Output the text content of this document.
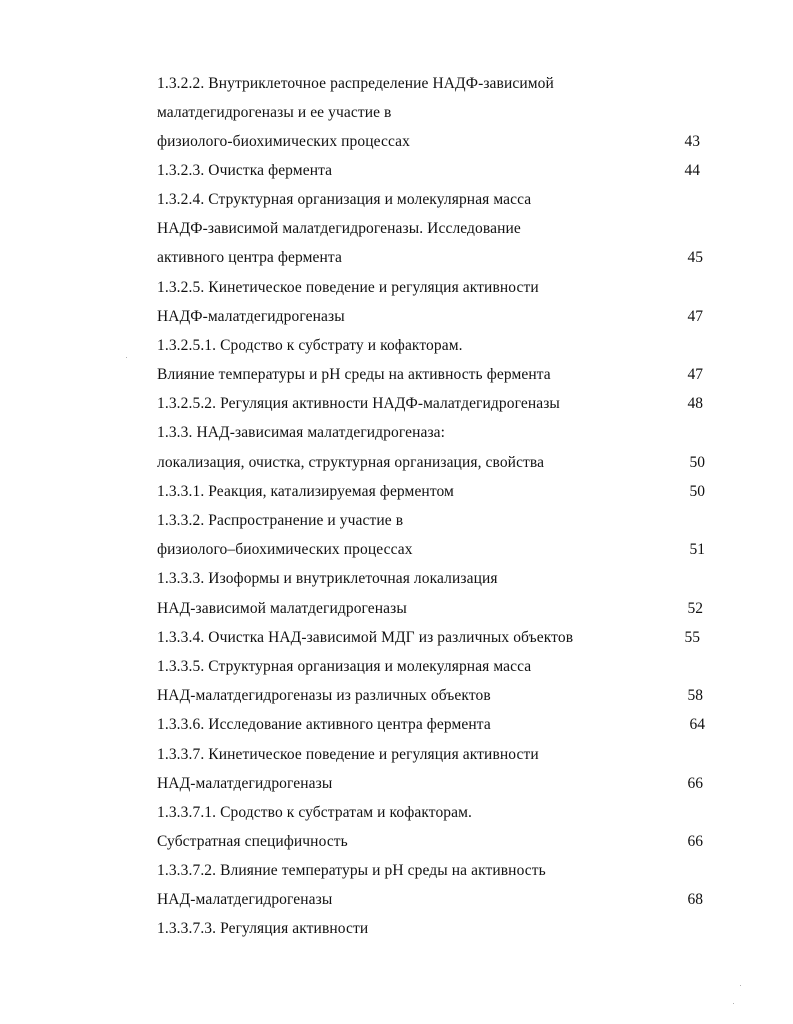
1.3.2.2. Внутриклеточное распределение НАДФ-зависимой
малатдегидрогеназы и ее участие в
физиолого-биохимических процессах	43
1.3.2.3. Очистка фермента	44
1.3.2.4. Структурная организация и молекулярная масса
НАДФ-зависимой малатдегидрогеназы. Исследование
активного центра фермента	45
1.3.2.5. Кинетическое поведение и регуляция активности
НАДФ-малатдегидрогеназы	47
1.3.2.5.1. Сродство к субстрату и кофакторам.
Влияние температуры и рН среды на активность фермента	47
1.3.2.5.2. Регуляция активности НАДФ-малатдегидрогеназы	48
1.3.3. НАД-зависимая малатдегидрогеназа:
локализация, очистка, структурная организация, свойства	50
1.3.3.1. Реакция, катализируемая ферментом	50
1.3.3.2. Распространение и участие в
физиолого–биохимических процессах	51
1.3.3.3. Изоформы и внутриклеточная локализация
НАД-зависимой малатдегидрогеназы	52
1.3.3.4. Очистка НАД-зависимой МДГ из различных объектов	55
1.3.3.5. Структурная организация и молекулярная масса
НАД-малатдегидрогеназы из различных объектов	58
1.3.3.6. Исследование активного центра фермента	64
1.3.3.7. Кинетическое поведение и регуляция активности
НАД-малатдегидрогеназы	66
1.3.3.7.1. Сродство к субстратам и кофакторам.
Субстратная специфичность	66
1.3.3.7.2. Влияние температуры и рН среды на активность
НАД-малатдегидрогеназы	68
1.3.3.7.3. Регуляция активности
